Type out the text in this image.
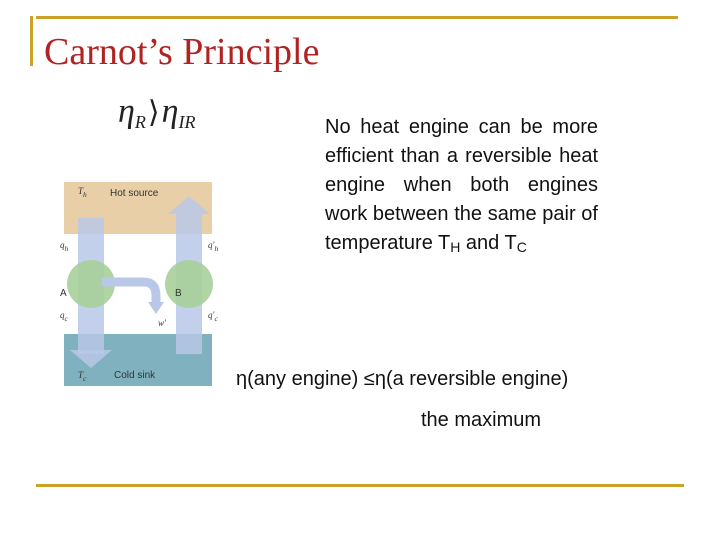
Carnot’s Principle
$\eta_R⟩\eta_{IR}$	No heat engine can be more efficient than a reversible heat engine when both engines work between the same pair of temperature $T_H$ and $T_C$
Hot source
$T_h$
Cold sink
$T_c$
$q_h$	$q'_h$
$q_c$	$q'_c$
A	B
w′
η(any engine) ≤η(a reversible engine)
the maximum
